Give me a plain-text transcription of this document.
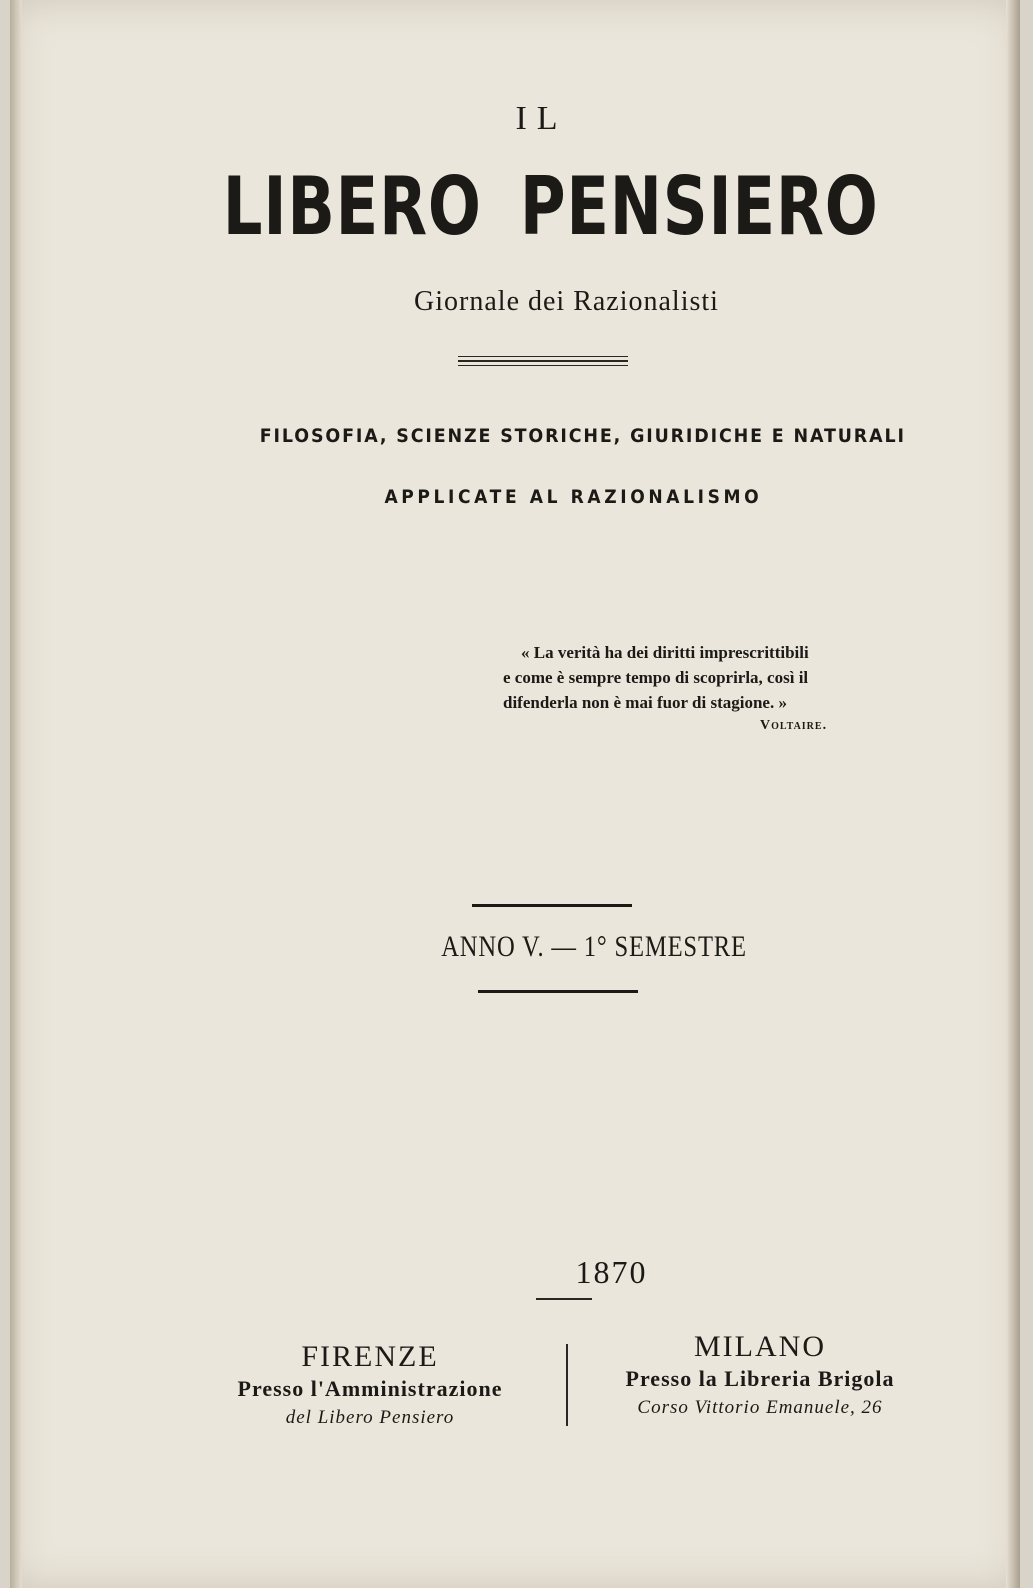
IL
LIBERO PENSIERO
Giornale dei Razionalisti
FILOSOFIA, SCIENZE STORICHE, GIURIDICHE E NATURALI
APPLICATE AL RAZIONALISMO
« La verità ha dei diritti imprescrittibili
e come è sempre tempo di scoprirla, così il
difenderla non è mai fuor di stagione. »
Voltaire.
ANNO V. — 1° SEMESTRE
1870
FIRENZE
Presso l'Amministrazione
del Libero Pensiero
MILANO
Presso la Libreria Brigola
Corso Vittorio Emanuele, 26
